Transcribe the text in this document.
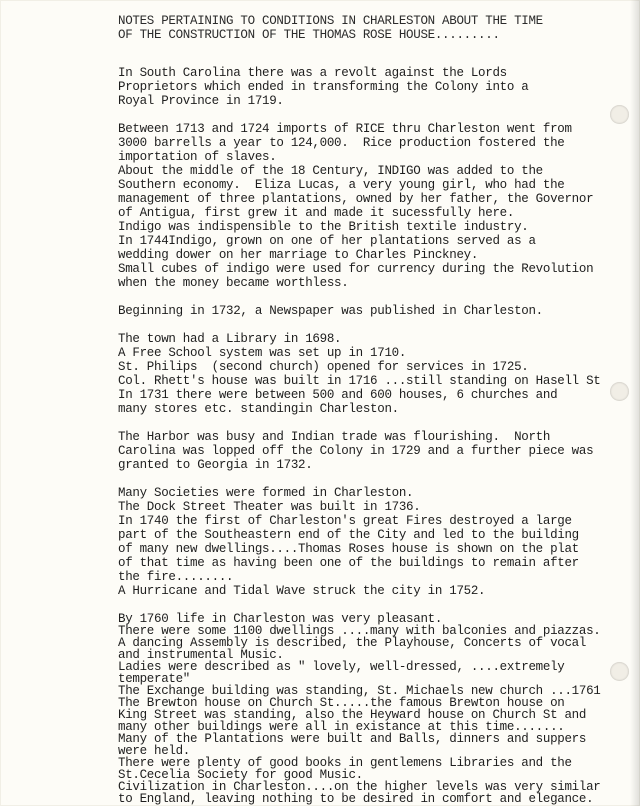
NOTES PERTAINING TO CONDITIONS IN CHARLESTON ABOUT THE TIME
OF THE CONSTRUCTION OF THE THOMAS ROSE HOUSE.........
In South Carolina there was a revolt against the Lords
Proprietors which ended in transforming the Colony into a
Royal Province in 1719.
Between 1713 and 1724 imports of RICE thru Charleston went from
3000 barrells a year to 124,000.  Rice production fostered the
importation of slaves.
About the middle of the 18 Century, INDIGO was added to the
Southern economy.  Eliza Lucas, a very young girl, who had the
management of three plantations, owned by her father, the Governor
of Antigua, first grew it and made it sucessfully here.
Indigo was indispensible to the British textile industry.
In 1744Indigo, grown on one of her plantations served as a
wedding dower on her marriage to Charles Pinckney.
Small cubes of indigo were used for currency during the Revolution
when the money became worthless.
Beginning in 1732, a Newspaper was published in Charleston.
The town had a Library in 1698.
A Free School system was set up in 1710.
St. Philips  (second church) opened for services in 1725.
Col. Rhett's house was built in 1716 ...still standing on Hasell St
In 1731 there were between 500 and 600 houses, 6 churches and
many stores etc. standingin Charleston.
The Harbor was busy and Indian trade was flourishing.  North
Carolina was lopped off the Colony in 1729 and a further piece was
granted to Georgia in 1732.
Many Societies were formed in Charleston.
The Dock Street Theater was built in 1736.
In 1740 the first of Charleston's great Fires destroyed a large
part of the Southeastern end of the City and led to the building
of many new dwellings....Thomas Roses house is shown on the plat
of that time as having been one of the buildings to remain after
the fire........
A Hurricane and Tidal Wave struck the city in 1752.
By 1760 life in Charleston was very pleasant.
There were some 1100 dwellings ....many with balconies and piazzas.
A dancing Assembly is described, the Playhouse, Concerts of vocal
and instrumental Music.
Ladies were described as " lovely, well-dressed, ....extremely
temperate"
The Exchange building was standing, St. Michaels new church ...1761
The Brewton house on Church St.....the famous Brewton house on
King Street was standing, also the Heyward house on Church St and
many other buildings were all in existance at this time.......
Many of the Plantations were built and Balls, dinners and suppers
were held.
There were plenty of good books in gentlemens Libraries and the
St.Cecelia Society for good Music.
Civilization in Charleston....on the higher levels was very similar
to England, leaving nothing to be desired in comfort and elegance.
